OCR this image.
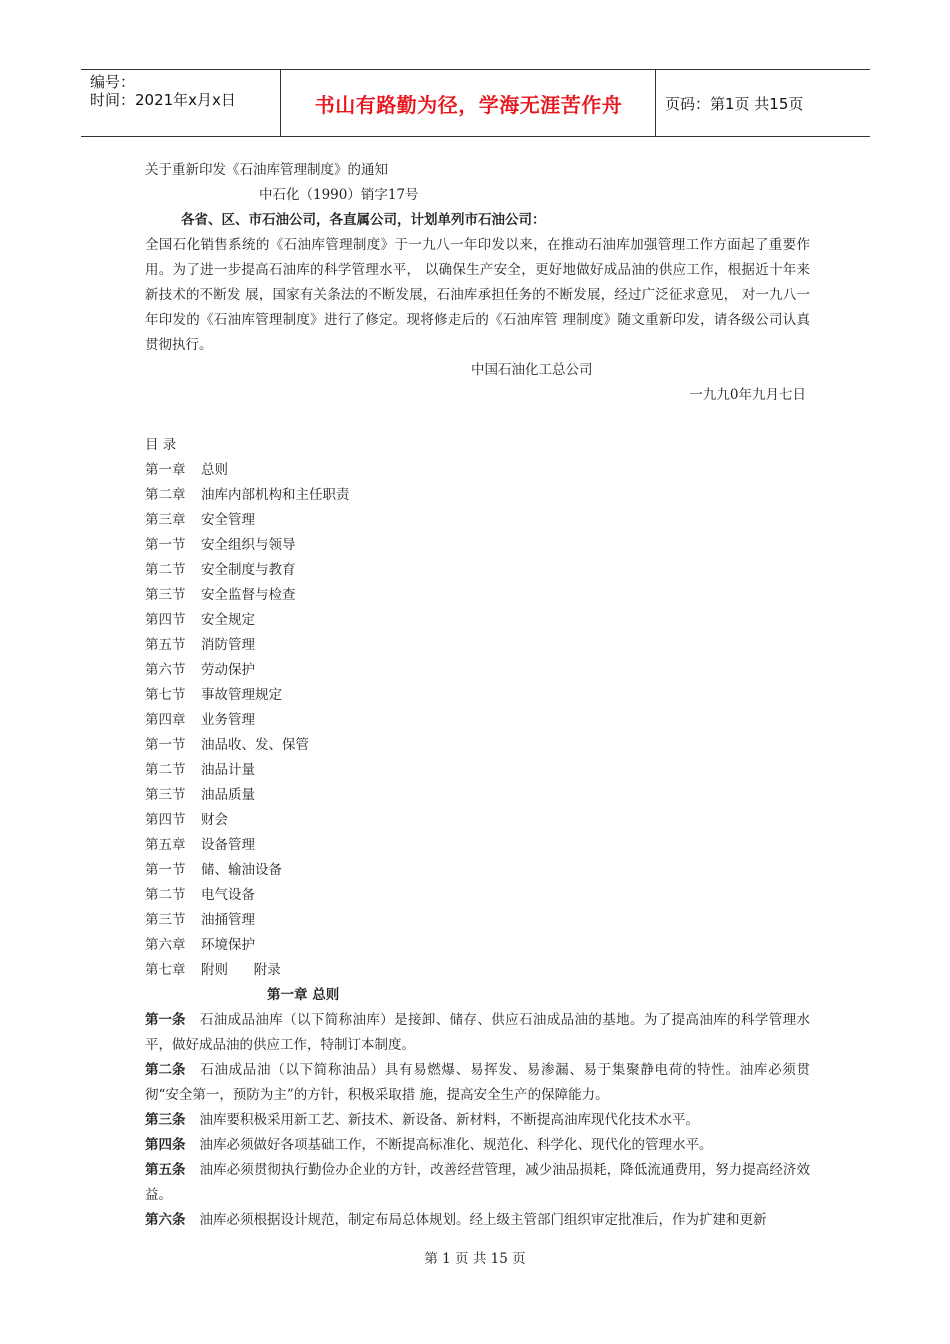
编号：
时间：2021年x月x日	书山有路勤为径，学海无涯苦作舟	页码：第1页 共15页
关于重新印发《石油库管理制度》的通知
中石化（1990）销字17号
各省、区、市石油公司，各直属公司，计划单列市石油公司：
全国石化销售系统的《石油库管理制度》于一九八一年印发以来，在推动石油库加强管理工作方面起了重要作用。为了进一步提高石油库的科学管理水平， 以确保生产安全，更好地做好成品油的供应工作，根据近十年来新技术的不断发 展，国家有关条法的不断发展，石油库承担任务的不断发展，经过广泛征求意见， 对一九八一年印发的《石油库管理制度》进行了修定。现将修走后的《石油库管 理制度》随文重新印发，请各级公司认真贯彻执行。
中国石油化工总公司
一九九0年九月七日
目 录
第一章 总则
第二章 油库内部机构和主任职责
第三章 安全管理
第一节 安全组织与领导
第二节 安全制度与教育
第三节 安全监督与检查
第四节 安全规定
第五节 消防管理
第六节 劳动保护
第七节 事故管理规定
第四章 业务管理
第一节 油品收、发、保管
第二节 油品计量
第三节 油品质量
第四节 财会
第五章 设备管理
第一节 储、输油设备
第二节 电气设备
第三节 油捅管理
第六章 环境保护
第七章 附则      附录
第一章 总则
第一条 石油成品油库（以下简称油库）是接卸、储存、供应石油成品油的基地。为了提高油库的科学管理水平，做好成品油的供应工作，特制订本制度。
第二条 石油成品油（以下简称油品）具有易燃爆、易挥发、易渗漏、易于集聚静电荷的特性。油库必须贯彻“安全第一，预防为主”的方针，积极采取措 施，提高安全生产的保障能力。
第三条 油库要积极采用新工艺、新技术、新设备、新材料，不断提高油库现代化技术水平。
第四条 油库必须做好各项基础工作，不断提高标准化、规范化、科学化、现代化的管理水平。
第五条 油库必须贯彻执行勤俭办企业的方针，改善经营管理，减少油品损耗，降低流通费用，努力提高经济效益。
第六条 油库必须根据设计规范，制定布局总体规划。经上级主管部门组织审定批准后，作为扩建和更新
第 1 页 共 15 页
